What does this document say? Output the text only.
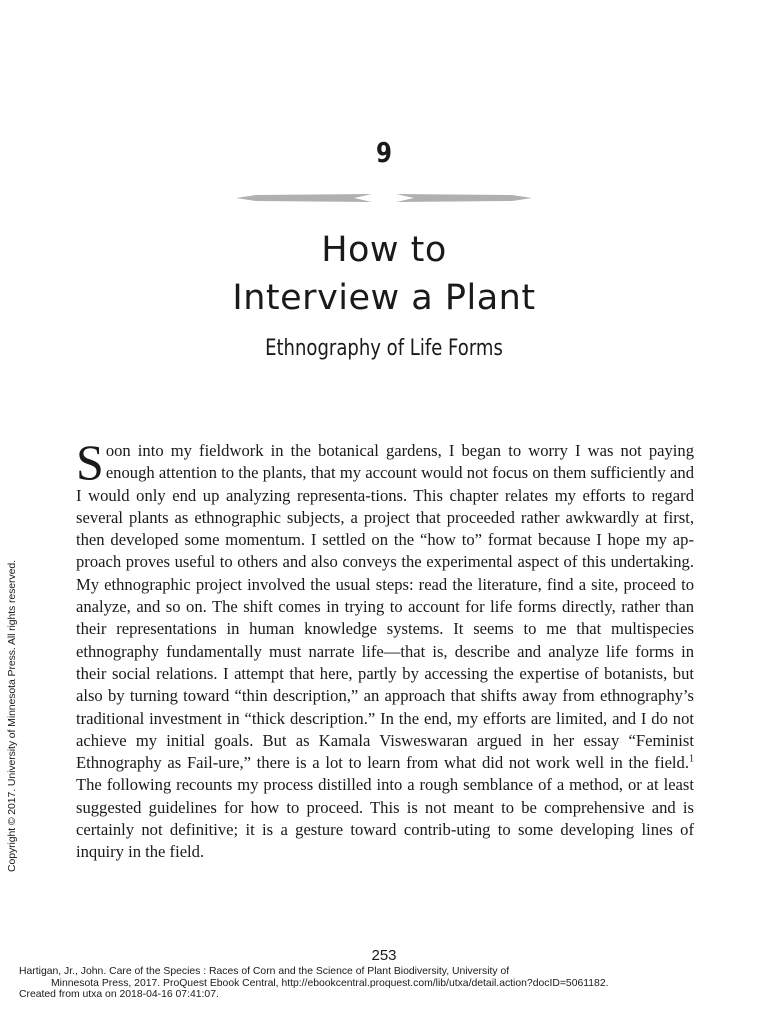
9
How to
Interview a Plant
Ethnography of Life Forms

Soon into my fieldwork in the botanical gardens, I began to worry I was not paying enough attention to the plants, that my account would not focus on them sufficiently and I would only end up analyzing representa-tions. This chapter relates my efforts to regard several plants as ethnographic subjects, a project that proceeded rather awkwardly at first, then developed some momentum. I settled on the “how to” format because I hope my ap-proach proves useful to others and also conveys the experimental aspect of this undertaking. My ethnographic project involved the usual steps: read the literature, find a site, proceed to analyze, and so on. The shift comes in trying to account for life forms directly, rather than their representations in human knowledge systems. It seems to me that multispecies ethnography fundamentally must narrate life—that is, describe and analyze life forms in their social relations. I attempt that here, partly by accessing the expertise of botanists, but also by turning toward “thin description,” an approach that shifts away from ethnography’s traditional investment in “thick description.” In the end, my efforts are limited, and I do not achieve my initial goals. But as Kamala Visweswaran argued in her essay “Feminist Ethnography as Fail-ure,” there is a lot to learn from what did not work well in the field.$^1$ The following recounts my process distilled into a rough semblance of a method, or at least suggested guidelines for how to proceed. This is not meant to be comprehensive and is certainly not definitive; it is a gesture toward contrib-uting to some developing lines of inquiry in the field.

253
Copyright © 2017. University of Minnesota Press. All rights reserved.
Hartigan, Jr., John. Care of the Species : Races of Corn and the Science of Plant Biodiversity, University of
Minnesota Press, 2017. ProQuest Ebook Central, http://ebookcentral.proquest.com/lib/utxa/detail.action?docID=5061182.
Created from utxa on 2018-04-16 07:41:07.
